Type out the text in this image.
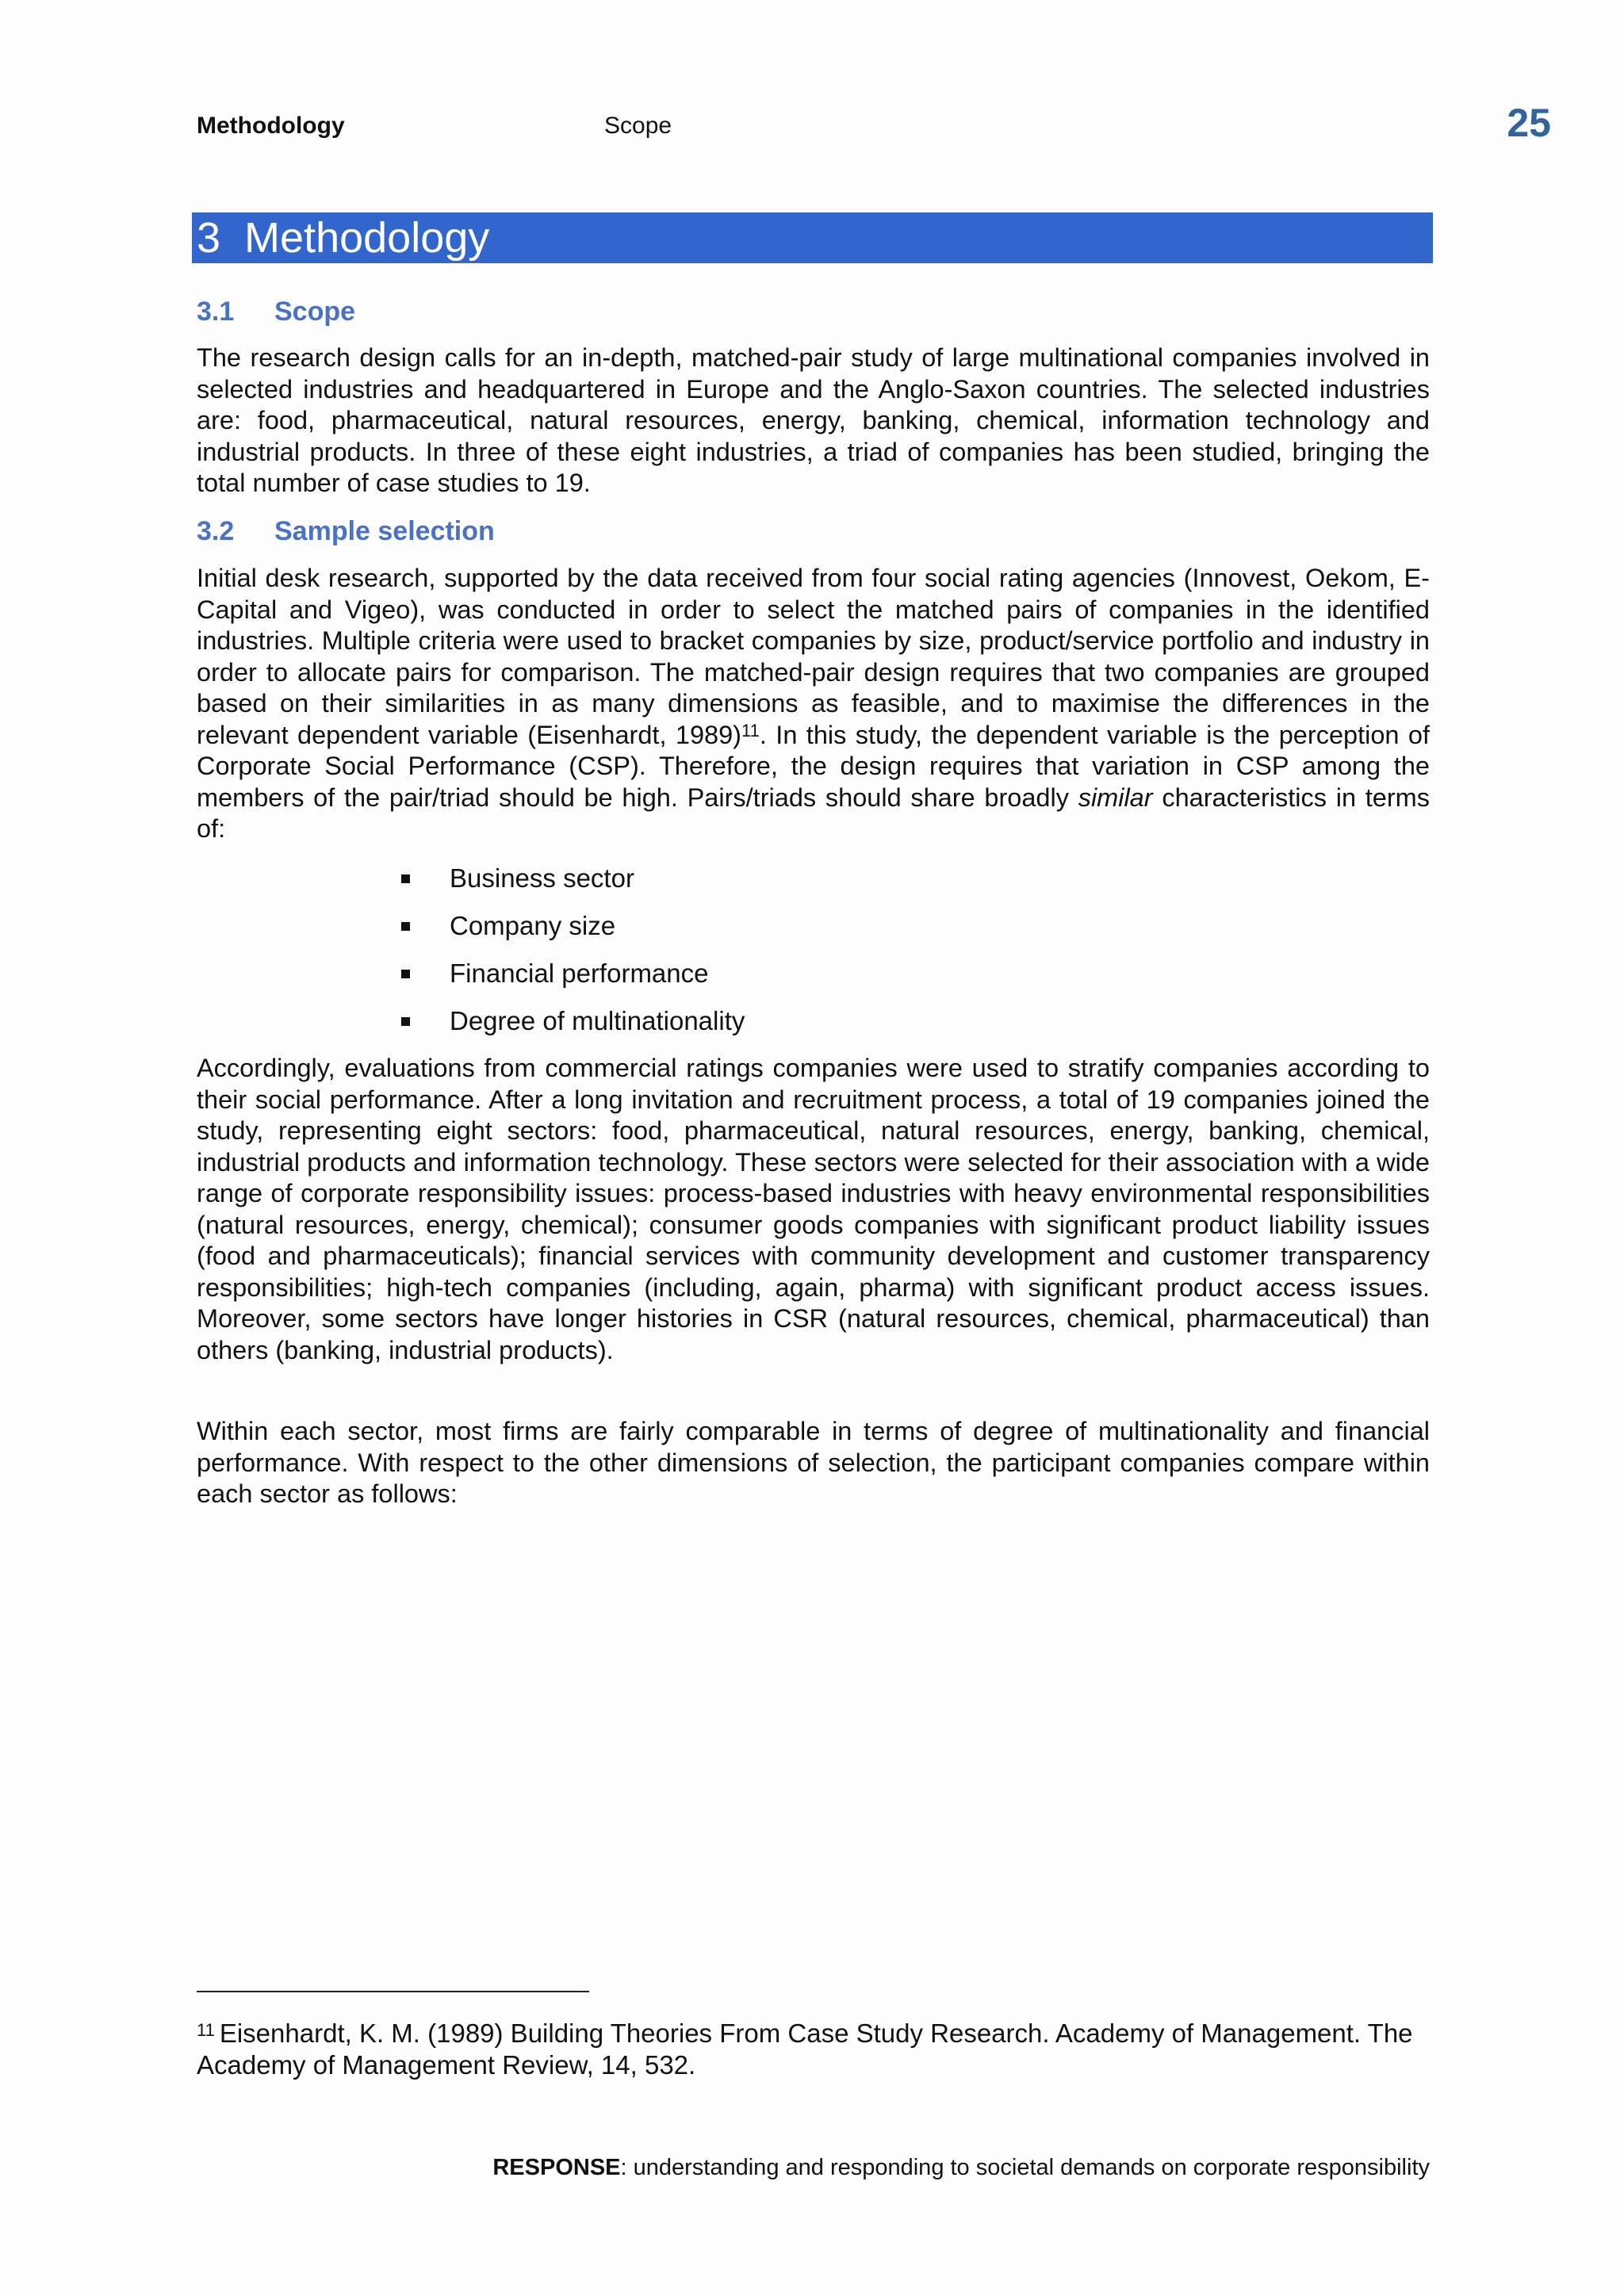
Methodology	Scope	25
3 Methodology
3.1 Scope

The research design calls for an in-depth, matched-pair study of large multinational companies involved in selected industries and headquartered in Europe and the Anglo-Saxon countries. The selected industries are: food, pharmaceutical, natural resources, energy, banking, chemical, information technology and industrial products. In three of these eight industries, a triad of companies has been studied, bringing the total number of case studies to 19.

3.2 Sample selection

Initial desk research, supported by the data received from four social rating agencies (Innovest, Oekom, E-Capital and Vigeo), was conducted in order to select the matched pairs of companies in the identified industries. Multiple criteria were used to bracket companies by size, product/service portfolio and industry in order to allocate pairs for comparison. The matched-pair design requires that two companies are grouped based on their similarities in as many dimensions as feasible, and to maximise the differences in the relevant dependent variable (Eisenhardt, 1989)$^{11}$. In this study, the dependent variable is the perception of Corporate Social Performance (CSP). Therefore, the design requires that variation in CSP among the members of the pair/triad should be high. Pairs/triads should share broadly similar characteristics in terms of:

Business sector
Company size
Financial performance
Degree of multinationality

Accordingly, evaluations from commercial ratings companies were used to stratify companies according to their social performance. After a long invitation and recruitment process, a total of 19 companies joined the study, representing eight sectors: food, pharmaceutical, natural resources, energy, banking, chemical, industrial products and information technology. These sectors were selected for their association with a wide range of corporate responsibility issues: process-based industries with heavy environmental responsibilities (natural resources, energy, chemical); consumer goods companies with significant product liability issues (food and pharmaceuticals); financial services with community development and customer transparency responsibilities; high-tech companies (including, again, pharma) with significant product access issues. Moreover, some sectors have longer histories in CSR (natural resources, chemical, pharmaceutical) than others (banking, industrial products).

Within each sector, most firms are fairly comparable in terms of degree of multinationality and financial performance. With respect to the other dimensions of selection, the participant companies compare within each sector as follows:

$^{11}$ Eisenhardt, K. M. (1989) Building Theories From Case Study Research. Academy of Management. The Academy of Management Review, 14, 532.
RESPONSE: understanding and responding to societal demands on corporate responsibility
